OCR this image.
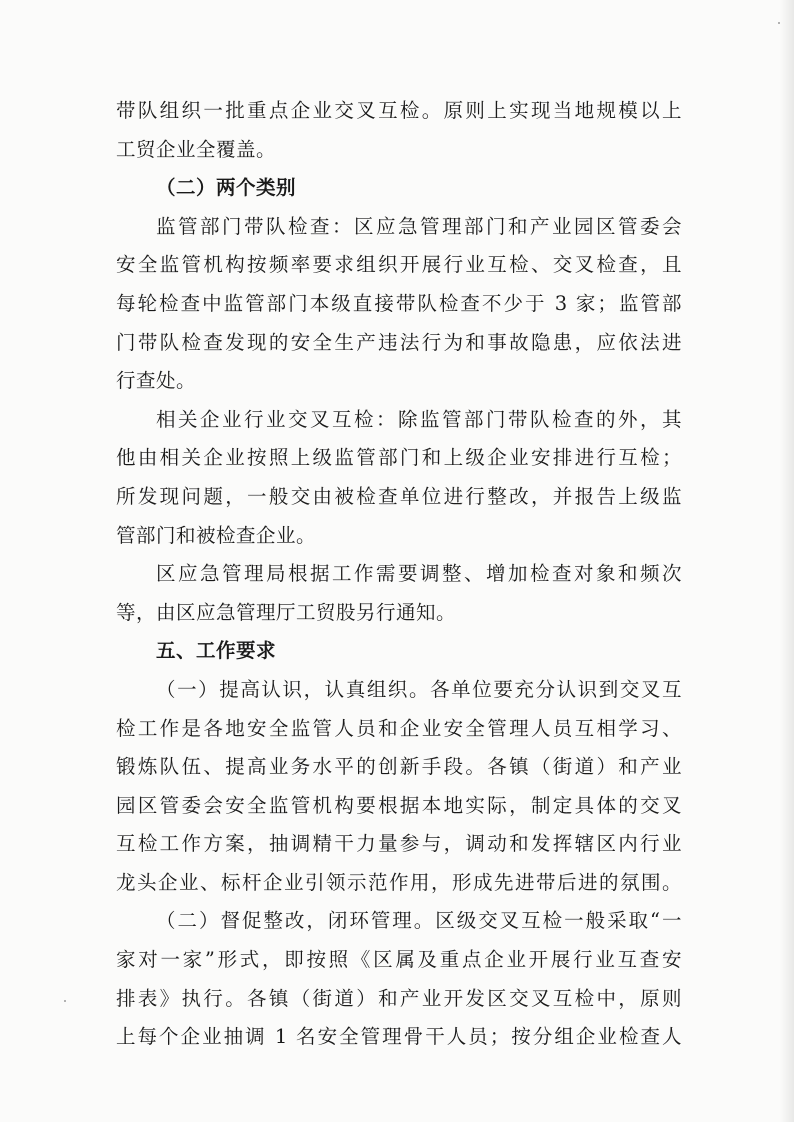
带队组织一批重点企业交叉互检。原则上实现当地规模以上
工贸企业全覆盖。
（二）两个类别
监管部门带队检查：区应急管理部门和产业园区管委会
安全监管机构按频率要求组织开展行业互检、交叉检查，且
每轮检查中监管部门本级直接带队检查不少于 3 家；监管部
门带队检查发现的安全生产违法行为和事故隐患，应依法进
行查处。
相关企业行业交叉互检：除监管部门带队检查的外，其
他由相关企业按照上级监管部门和上级企业安排进行互检；
所发现问题，一般交由被检查单位进行整改，并报告上级监
管部门和被检查企业。
区应急管理局根据工作需要调整、增加检查对象和频次
等，由区应急管理厅工贸股另行通知。
五、工作要求
（一）提高认识，认真组织。各单位要充分认识到交叉互
检工作是各地安全监管人员和企业安全管理人员互相学习、
锻炼队伍、提高业务水平的创新手段。各镇（街道）和产业
园区管委会安全监管机构要根据本地实际，制定具体的交叉
互检工作方案，抽调精干力量参与，调动和发挥辖区内行业
龙头企业、标杆企业引领示范作用，形成先进带后进的氛围。
（二）督促整改，闭环管理。区级交叉互检一般采取“一
家对一家”形式，即按照《区属及重点企业开展行业互查安
排表》执行。各镇（街道）和产业开发区交叉互检中，原则
上每个企业抽调 1 名安全管理骨干人员；按分组企业检查人
